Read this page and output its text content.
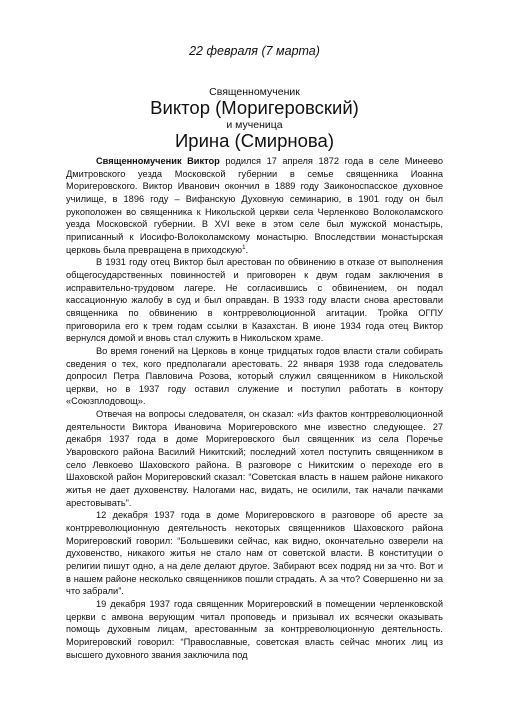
22 февраля (7 марта)
Священномученик
Виктор (Моригеровский)
и мученица
Ирина (Смирнова)

Священномученик Виктор родился 17 апреля 1872 года в селе Минеево Дмитровского уезда Московской губернии в семье священника Иоанна Моригеровского. Виктор Иванович окончил в 1889 году Заиконоспасское духовное училище, в 1896 году – Вифанскую Духовную семинарию, в 1901 году он был рукоположен во священника к Никольской церкви села Черленково Волоколамского уезда Московской губернии. В XVI веке в этом селе был мужской монастырь, приписанный к Иосифо-Волоколамскому монастырю. Впоследствии монастырская церковь была превращена в приходскую$^1$.

В 1931 году отец Виктор был арестован по обвинению в отказе от выполнения общегосударственных повинностей и приговорен к двум годам заключения в исправительно-трудовом лагере. Не согласившись с обвинением, он подал кассационную жалобу в суд и был оправдан. В 1933 году власти снова арестовали священника по обвинению в контрреволюционной агитации. Тройка ОГПУ приговорила его к трем годам ссылки в Казахстан. В июне 1934 года отец Виктор вернулся домой и вновь стал служить в Никольском храме.

Во время гонений на Церковь в конце тридцатых годов власти стали собирать сведения о тех, кого предполагали арестовать. 22 января 1938 года следователь допросил Петра Павловича Розова, который служил священником в Никольской церкви, но в 1937 году оставил служение и поступил работать в контору «Союзплодовощ».

Отвечая на вопросы следователя, он сказал: «Из фактов контрреволюционной деятельности Виктора Ивановича Моригеровского мне известно следующее. 27 декабря 1937 года в доме Моригеровского был священник из села Поречье Уваровского района Василий Никитский; последний хотел поступить священником в село Левкоево Шаховского района. В разговоре с Никитским о переходе его в Шаховской район Моригеровский сказал: “Советская власть в нашем районе никакого житья не дает духовенству. Налогами нас, видать, не осилили, так начали пачками арестовывать”.

12 декабря 1937 года в доме Моригеровского в разговоре об аресте за контрреволюционную деятельность некоторых священников Шаховского района Моригеровский говорил: “Большевики сейчас, как видно, окончательно озверели на духовенство, никакого житья не стало нам от советской власти. В конституции о религии пишут одно, а на деле делают другое. Забирают всех подряд ни за что. Вот и в нашем районе несколько священников пошли страдать. А за что? Совершенно ни за что забрали”.

19 декабря 1937 года священник Моригеровский в помещении черленковской церкви с амвона верующим читал проповедь и призывал их всячески оказывать помощь духовным лицам, арестованным за контрреволюционную деятельность. Моригеровский говорил: “Православные, советская власть сейчас многих лиц из высшего духовного звания заключила под
